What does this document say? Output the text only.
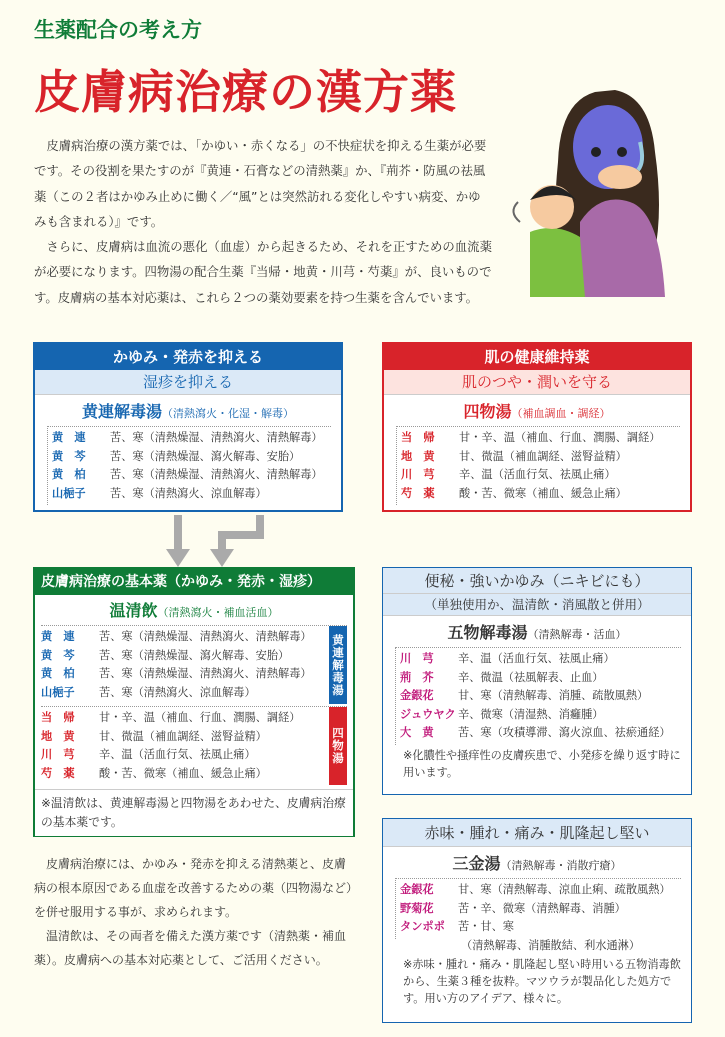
生薬配合の考え方
皮膚病治療の漢方薬

皮膚病治療の漢方薬では、「かゆい・赤くなる」の不快症状を抑える生薬が必要です。その役割を果たすのが『黄連・石膏などの清熱薬』か、『荊芥・防風の祛風薬（この２者はかゆみ止めに働く／“風”とは突然訪れる変化しやすい病変、かゆみも含まれる）』です。

さらに、皮膚病は血流の悪化（血虚）から起きるため、それを正すための血流薬が必要になります。四物湯の配合生薬『当帰・地黄・川芎・芍薬』が、良いものです。皮膚病の基本対応薬は、これら２つの薬効要素を持つ生薬を含んでいます。

かゆみ・発赤を抑える
湿疹を抑える
黄連解毒湯（清熱瀉火・化湿・解毒）
黄　連	苦、寒（清熱燥湿、清熱瀉火、清熱解毒）
黄　芩	苦、寒（清熱燥湿、瀉火解毒、安胎）
黄　柏	苦、寒（清熱燥湿、清熱瀉火、清熱解毒）
山梔子	苦、寒（清熱瀉火、涼血解毒）
肌の健康維持薬
肌のつや・潤いを守る
四物湯（補血調血・調経）
当　帰	甘・辛、温（補血、行血、潤腸、調経）
地　黄	甘、微温（補血調経、滋腎益精）
川　芎	辛、温（活血行気、祛風止痛）
芍　薬	酸・苦、微寒（補血、緩急止痛）
皮膚病治療の基本薬（かゆみ・発赤・湿疹）
温清飲（清熱瀉火・補血活血）
黄　連	苦、寒（清熱燥湿、清熱瀉火、清熱解毒）
黄　芩	苦、寒（清熱燥湿、瀉火解毒、安胎）
黄　柏	苦、寒（清熱燥湿、清熱瀉火、清熱解毒）
山梔子	苦、寒（清熱瀉火、涼血解毒）	黄連解毒湯
当　帰	甘・辛、温（補血、行血、潤腸、調経）
地　黄	甘、微温（補血調経、滋腎益精）
川　芎	辛、温（活血行気、祛風止痛）
芍　薬	酸・苦、微寒（補血、緩急止痛）
四物湯
※温清飲は、黄連解毒湯と四物湯をあわせた、皮膚病治療の基本薬です。
便秘・強いかゆみ（ニキビにも）
（単独使用か、温清飲・消風散と併用）
五物解毒湯（清熱解毒・活血）
川　芎	辛、温（活血行気、祛風止痛）
荊　芥	辛、微温（祛風解表、止血）
金銀花	甘、寒（清熱解毒、消腫、疏散風熱）
ジュウヤク 辛、微寒（清湿熱、消癰腫）
大　黄	苦、寒（攻積導滞、瀉火涼血、祛瘀通経）
※化膿性や掻痒性の皮膚疾患で、小発疹を繰り返す時に用います。
赤味・腫れ・痛み・肌隆起し堅い
三金湯（清熱解毒・消散疔瘡）
金銀花	甘、寒（清熱解毒、涼血止痢、疏散風熱）
野菊花	苦・辛、微寒（清熱解毒、消腫）
タンポポ	苦・甘、寒
（清熱解毒、消腫散結、利水通淋）
※赤味・腫れ・痛み・肌隆起し堅い時用いる五物消毒飲から、生薬３種を抜粋。マツウラが製品化した処方です。用い方のアイデア、様々に。

皮膚病治療には、かゆみ・発赤を抑える清熱薬と、皮膚病の根本原因である血虚を改善するための薬（四物湯など）を併せ服用する事が、求められます。

温清飲は、その両者を備えた漢方薬です（清熱薬・補血薬）。皮膚病への基本対応薬として、ご活用ください。
